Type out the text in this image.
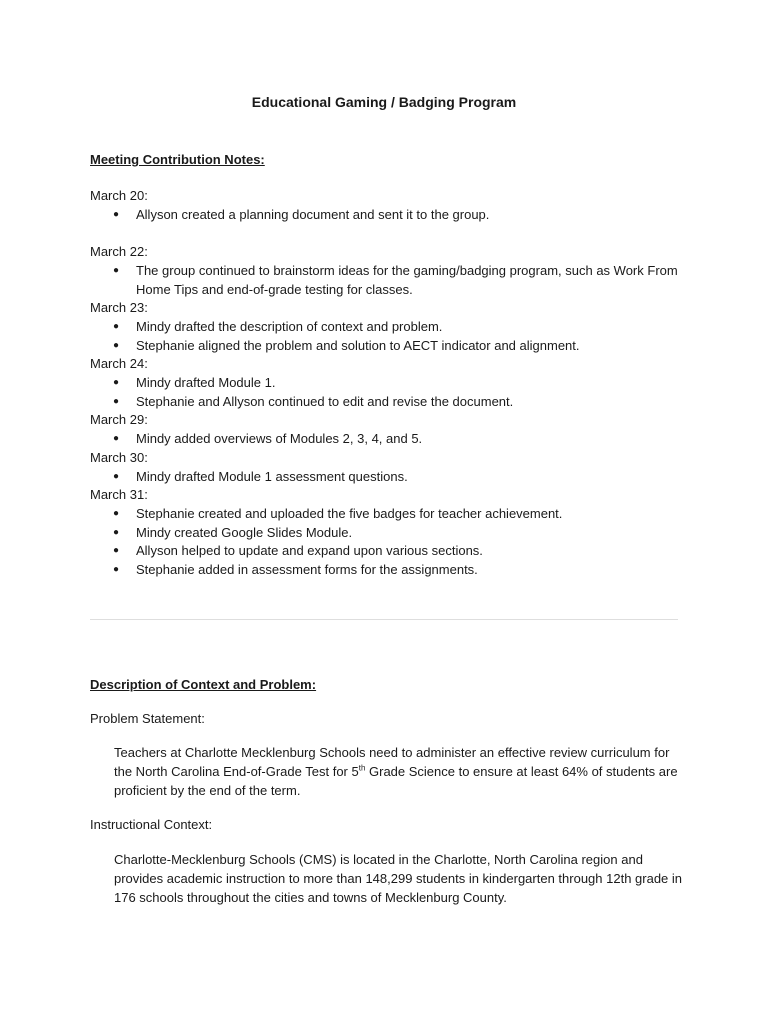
Educational Gaming / Badging Program
Meeting Contribution Notes:
March 20:
● Allyson created a planning document and sent it to the group.
March 22:
● The group continued to brainstorm ideas for the gaming/badging program, such as Work From Home Tips and end-of-grade testing for classes.
March 23:
● Mindy drafted the description of context and problem.
● Stephanie aligned the problem and solution to AECT indicator and alignment.
March 24:
● Mindy drafted Module 1.
● Stephanie and Allyson continued to edit and revise the document.
March 29:
● Mindy added overviews of Modules 2, 3, 4, and 5.
March 30:
● Mindy drafted Module 1 assessment questions.
March 31:
● Stephanie created and uploaded the five badges for teacher achievement.
● Mindy created Google Slides Module.
● Allyson helped to update and expand upon various sections.
● Stephanie added in assessment forms for the assignments.
Description of Context and Problem:
Problem Statement:
Teachers at Charlotte Mecklenburg Schools need to administer an effective review curriculum for the North Carolina End-of-Grade Test for 5th Grade Science to ensure at least 64% of students are proficient by the end of the term.
Instructional Context:
Charlotte-Mecklenburg Schools (CMS) is located in the Charlotte, North Carolina region and provides academic instruction to more than 148,299 students in kindergarten through 12th grade in 176 schools throughout the cities and towns of Mecklenburg County.
